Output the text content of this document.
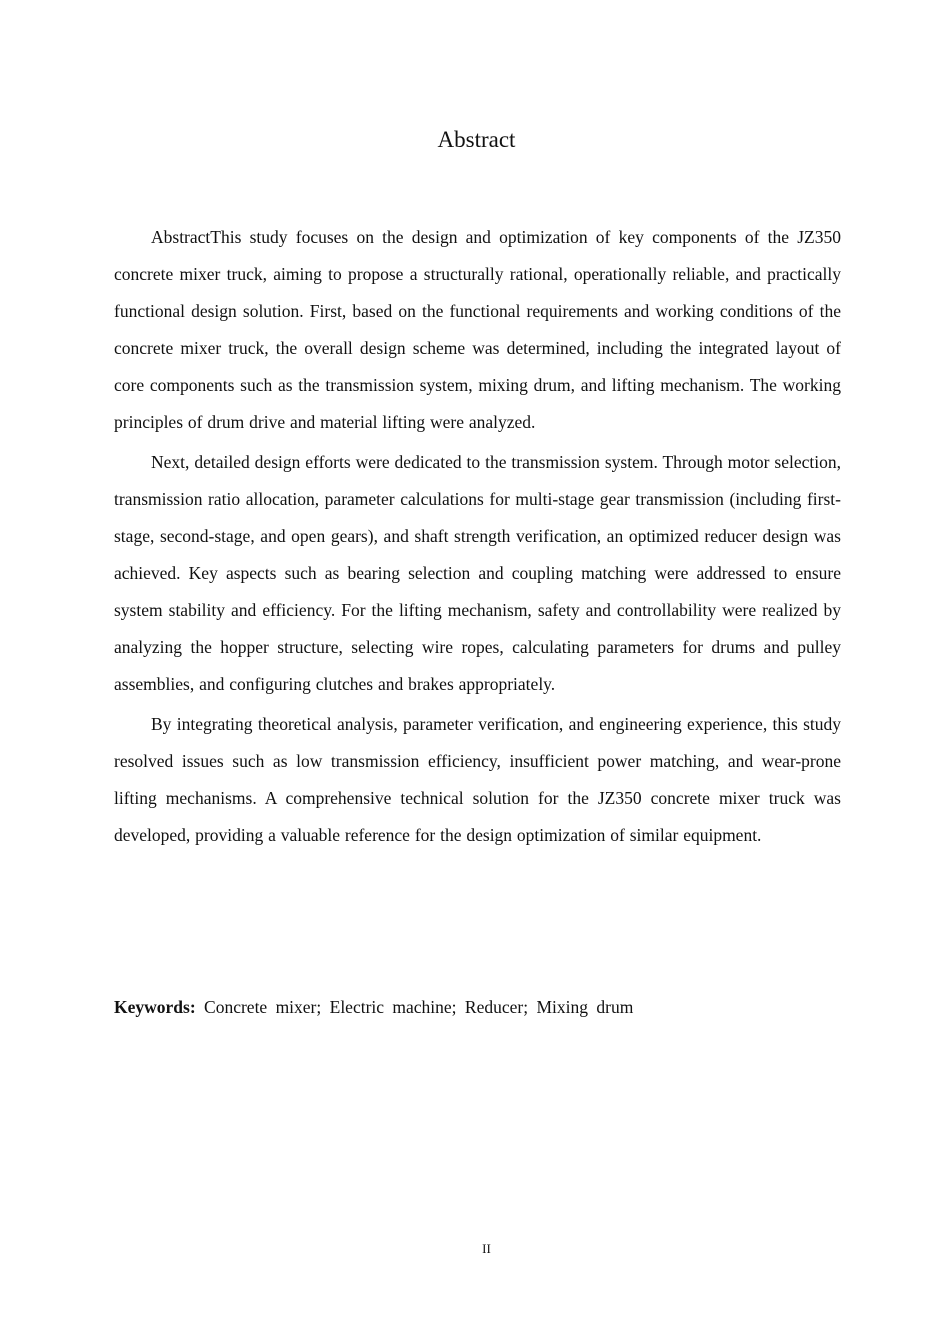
Abstract

AbstractThis study focuses on the design and optimization of key components of the JZ350 concrete mixer truck, aiming to propose a structurally rational, operationally reliable, and practically functional design solution. First, based on the functional requirements and working conditions of the concrete mixer truck, the overall design scheme was determined, including the integrated layout of core components such as the transmission system, mixing drum, and lifting mechanism. The working principles of drum drive and material lifting were analyzed.

Next, detailed design efforts were dedicated to the transmission system. Through motor selection, transmission ratio allocation, parameter calculations for multi-stage gear transmission (including first-stage, second-stage, and open gears), and shaft strength verification, an optimized reducer design was achieved. Key aspects such as bearing selection and coupling matching were addressed to ensure system stability and efficiency. For the lifting mechanism, safety and controllability were realized by analyzing the hopper structure, selecting wire ropes, calculating parameters for drums and pulley assemblies, and configuring clutches and brakes appropriately.

By integrating theoretical analysis, parameter verification, and engineering experience, this study resolved issues such as low transmission efficiency, insufficient power matching, and wear-prone lifting mechanisms. A comprehensive technical solution for the JZ350 concrete mixer truck was developed, providing a valuable reference for the design optimization of similar equipment.

Keywords: Concrete mixer; Electric machine; Reducer; Mixing drum

II
